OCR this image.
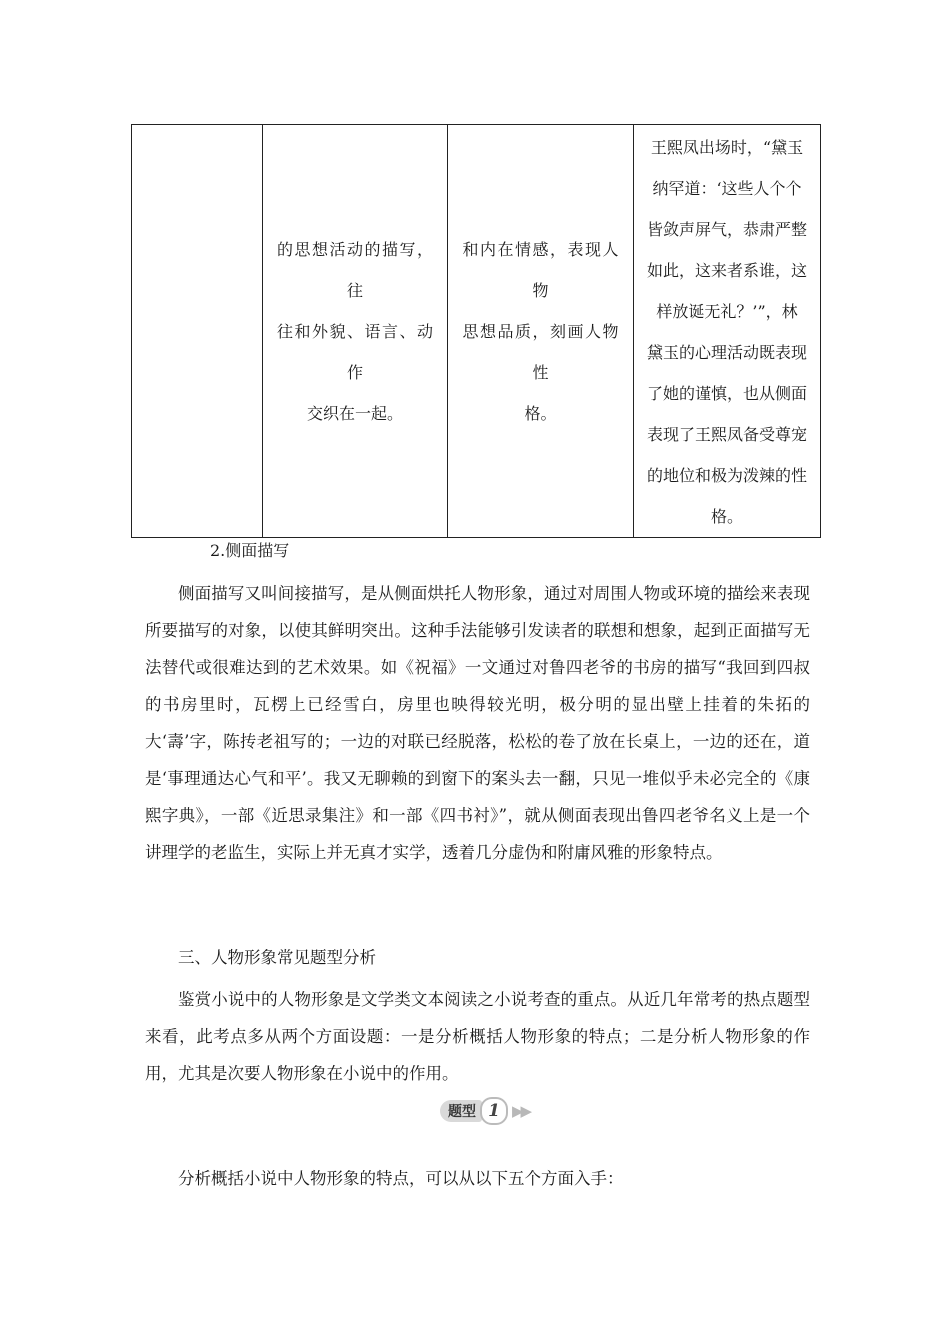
	的思想活动的描写，往
往和外貌、语言、动作
交织在一起。	和内在情感，表现人物
思想品质，刻画人物性
格。	王熙凤出场时，“黛玉
纳罕道：‘这些人个个
皆敛声屏气，恭肃严整
如此，这来者系谁，这
样放诞无礼？’”，林
黛玉的心理活动既表现
了她的谨慎，也从侧面
表现了王熙凤备受尊宠
的地位和极为泼辣的性
格。
2.侧面描写
侧面描写又叫间接描写，是从侧面烘托人物形象，通过对周围人物或环境的描绘来表现所要描写的对象，以使其鲜明突出。这种手法能够引发读者的联想和想象，起到正面描写无法替代或很难达到的艺术效果。如《祝福》一文通过对鲁四老爷的书房的描写“我回到四叔的书房里时，瓦楞上已经雪白，房里也映得较光明，极分明的显出壁上挂着的朱拓的大‘壽’字，陈抟老祖写的；一边的对联已经脱落，松松的卷了放在长桌上，一边的还在，道是‘事理通达心气和平’。我又无聊赖的到窗下的案头去一翻，只见一堆似乎未必完全的《康熙字典》，一部《近思录集注》和一部《四书衬》”，就从侧面表现出鲁四老爷名义上是一个讲理学的老监生，实际上并无真才实学，透着几分虚伪和附庸风雅的形象特点。
三、人物形象常见题型分析
鉴赏小说中的人物形象是文学类文本阅读之小说考查的重点。从近几年常考的热点题型来看，此考点多从两个方面设题：一是分析概括人物形象的特点；二是分析人物形象的作用，尤其是次要人物形象在小说中的作用。
题型 1 ▶▶
分析概括小说中人物形象的特点，可以从以下五个方面入手：
